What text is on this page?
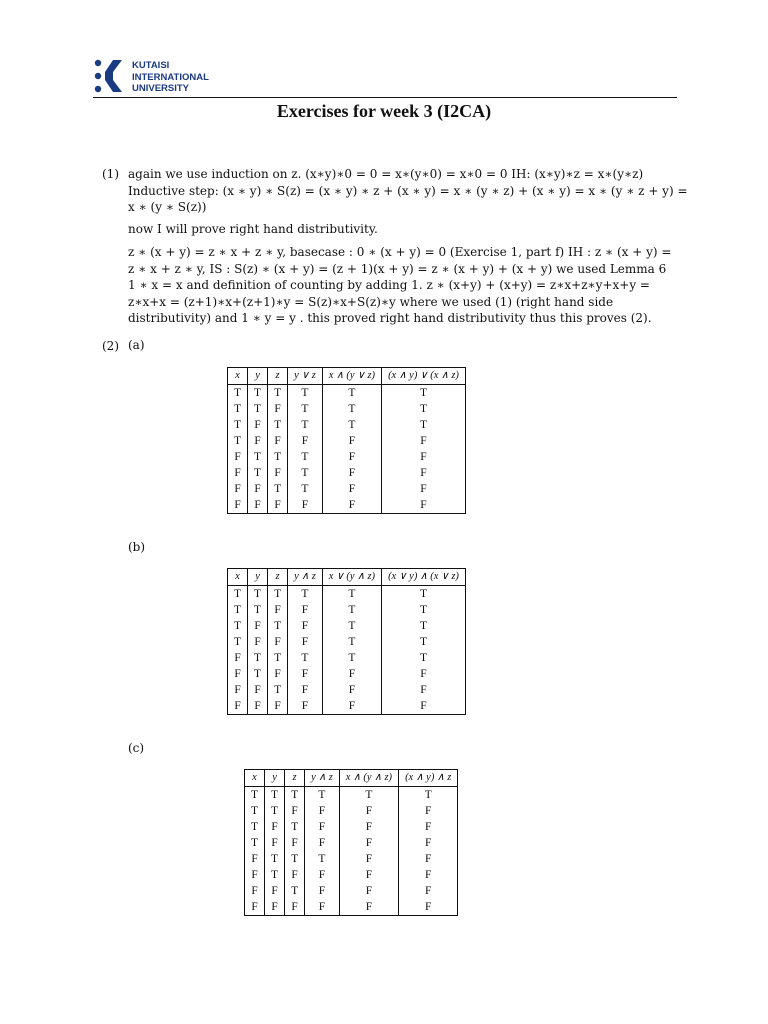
KUTAISI
INTERNATIONAL
UNIVERSITY
Exercises for week 3 (I2CA)
(1) again we use induction on z. (x∗y)∗0 = 0 = x∗(y∗0) = x∗0 = 0 IH: (x∗y)∗z = x∗(y∗z)
Inductive step: (x ∗ y) ∗ S(z) = (x ∗ y) ∗ z + (x ∗ y) = x ∗ (y ∗ z) + (x ∗ y) = x ∗ (y ∗ z + y) =
x ∗ (y ∗ S(z))
now I will prove right hand distributivity.
z ∗ (x + y) = z ∗ x + z ∗ y, basecase : 0 ∗ (x + y) = 0 (Exercise 1, part f) IH : z ∗ (x + y) =
z ∗ x + z ∗ y, IS : S(z) ∗ (x + y) = (z + 1)(x + y) = z ∗ (x + y) + (x + y) we used Lemma 6
1 ∗ x = x and definition of counting by adding 1. z ∗ (x+y) + (x+y) = z∗x+z∗y+x+y =
z∗x+x = (z+1)∗x+(z+1)∗y = S(z)∗x+S(z)∗y where we used (1) (right hand side
distributivity) and 1 ∗ y = y . this proved right hand distributivity thus this proves (2).
(2) (a)
x	y	z	y ∨ z	x ∧ (y ∨ z)	(x ∧ y) ∨ (x ∧ z)
T	T	T	T	T	T
T	T	F	T	T	T
T	F	T	T	T	T
T	F	F	F	F	F
F	T	T	T	F	F
F	T	F	T	F	F
F	F	T	T	F	F
F	F	F	F	F	F
(b)
x	y	z	y ∧ z	x ∨ (y ∧ z)	(x ∨ y) ∧ (x ∨ z)
T	T	T	T	T	T
T	T	F	F	T	T
T	F	T	F	T	T
T	F	F	F	T	T
F	T	T	T	T	T
F	T	F	F	F	F
F	F	T	F	F	F
F	F	F	F	F	F
(c)
x	y	z	y ∧ z	x ∧ (y ∧ z)	(x ∧ y) ∧ z
T	T	T	T	T	T
T	T	F	F	F	F
T	F	T	F	F	F
T	F	F	F	F	F
F	T	T	T	F	F
F	T	F	F	F	F
F	F	T	F	F	F
F	F	F	F	F	F
